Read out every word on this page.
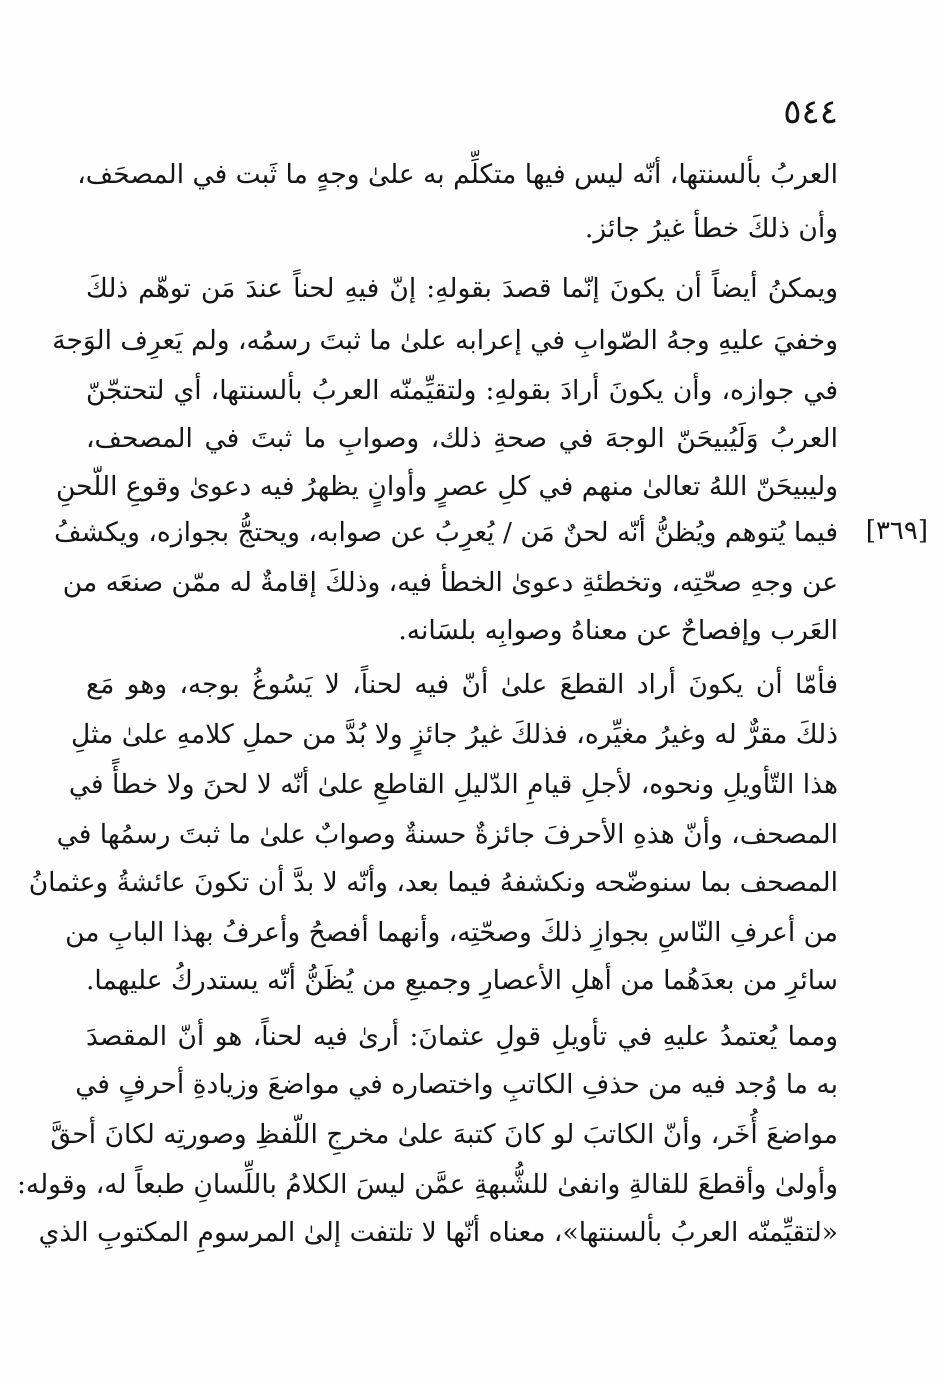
٥٤٤
[٣٦٩]
العربُ بألسنتها، أنّه ليس فيها متكلِّم به علىٰ وجهٍ ما ثَبت في المصحَف،
وأن ذلكَ خطأ غيرُ جائز.
ويمكنُ أيضاً أن يكونَ إنّما قصدَ بقولهِ: إنّ فيهِ لحناً عندَ مَن توهّم ذلكَ
وخفيَ عليهِ وجهُ الصّوابِ في إعرابه علىٰ ما ثبتَ رسمُه، ولم يَعرِف الوَجهَ
في جوازه، وأن يكونَ أرادَ بقولهِ: ولتقيِّمنّه العربُ بألسنتها، أي لتحتجّنّ
العربُ وَلَيُبيحَنّ الوجهَ في صحةِ ذلك، وصوابِ ما ثبتَ في المصحف،
وليبيحَنّ اللهُ تعالىٰ منهم في كلِ عصرٍ وأوانٍ يظهرُ فيه دعوىٰ وقوعِ اللّحنِ
فيما يُتوهم ويُظنُّ أنّه لحنٌ مَن / يُعرِبُ عن صوابه، ويحتجُّ بجوازه، ويكشفُ
عن وجهِ صحّتِه، وتخطئةِ دعوىٰ الخطأ فيه، وذلكَ إقامةٌ له ممّن صنعَه من
العَرب وإفصاحٌ عن معناهُ وصوابِه بلسَانه.
فأمّا أن يكونَ أراد القطعَ علىٰ أنّ فيه لحناً، لا يَسُوغُ بوجه، وهو مَع
ذلكَ مقرٌّ له وغيرُ مغيِّره، فذلكَ غيرُ جائزٍ ولا بُدَّ من حملِ كلامهِ علىٰ مثلِ
هذا التّأويلِ ونحوه، لأجلِ قيامِ الدّليلِ القاطعِ علىٰ أنّه لا لحنَ ولا خطأً في
المصحف، وأنّ هذهِ الأحرفَ جائزةٌ حسنةٌ وصوابٌ علىٰ ما ثبتَ رسمُها في
المصحف بما سنوضّحه ونكشفهُ فيما بعد، وأنّه لا بدَّ أن تكونَ عائشةُ وعثمانُ
من أعرفِ النّاسِ بجوازِ ذلكَ وصحّتِه، وأنهما أفصحُ وأعرفُ بهذا البابِ من
سائرِ من بعدَهُما من أهلِ الأعصارِ وجميعِ من يُظَنُّ أنّه يستدركُ عليهما.
ومما يُعتمدُ عليهِ في تأويلِ قولِ عثمانَ: أرىٰ فيه لحناً، هو أنّ المقصدَ
به ما وُجد فيه من حذفِ الكاتبِ واختصاره في مواضعَ وزيادةِ أحرفٍ في
مواضعَ أُخَر، وأنّ الكاتبَ لو كانَ كتبهَ علىٰ مخرجِ اللّفظِ وصورتِه لكانَ أحقَّ
وأولىٰ وأقطعَ للقالةِ وانفىٰ للشُّبهةِ عمَّن ليسَ الكلامُ باللِّسانِ طبعاً له، وقوله:
«لتقيِّمنّه العربُ بألسنتها»، معناه أنّها لا تلتفت إلىٰ المرسومِ المكتوبِ الذي
